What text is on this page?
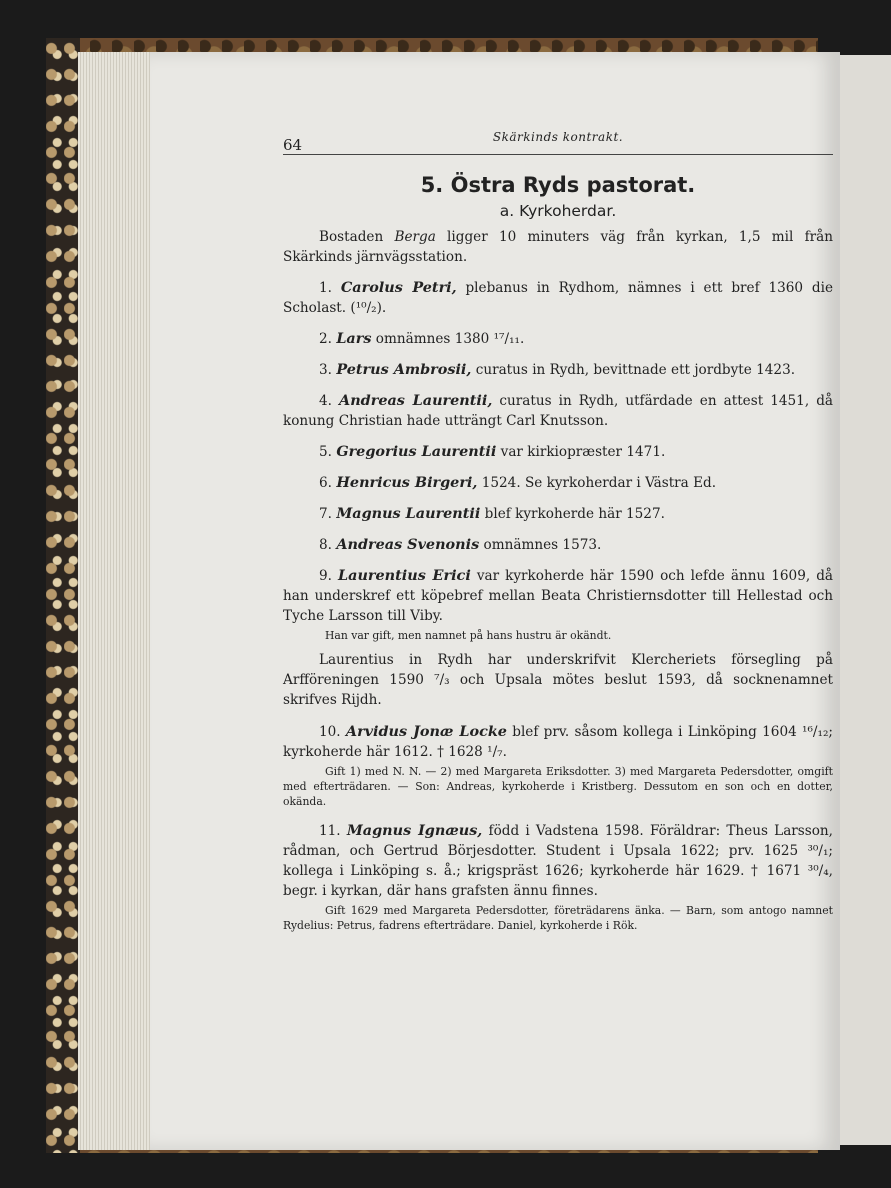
64	Skärkinds kontrakt.
5. Östra Ryds pastorat.
a. Kyrkoherdar.

Bostaden Berga ligger 10 minuters väg från kyrkan, 1,5 mil från Skärkinds järnvägsstation.

1. Carolus Petri, plebanus in Rydhom, nämnes i ett bref 1360 die Scholast. (¹⁰/₂).

2. Lars omnämnes 1380 ¹⁷/₁₁.

3. Petrus Ambrosii, curatus in Rydh, bevittnade ett jordbyte 1423.

4. Andreas Laurentii, curatus in Rydh, utfärdade en attest 1451, då konung Christian hade utträngt Carl Knutsson.

5. Gregorius Laurentii var kirkiopræster 1471.

6. Henricus Birgeri, 1524. Se kyrkoherdar i Västra Ed.

7. Magnus Laurentii blef kyrkoherde här 1527.

8. Andreas Svenonis omnämnes 1573.

9. Laurentius Erici var kyrkoherde här 1590 och lefde ännu 1609, då han underskref ett köpebref mellan Beata Christiernsdotter till Hellestad och Tyche Larsson till Viby.

Han var gift, men namnet på hans hustru är okändt.

Laurentius in Rydh har underskrifvit Klercheriets försegling på Arfföreningen 1590 ⁷/₃ och Upsala mötes beslut 1593, då socknenamnet skrifves Rijdh.

10. Arvidus Jonæ Locke blef prv. såsom kollega i Linköping 1604 ¹⁶/₁₂; kyrkoherde här 1612. † 1628 ¹/₇.

Gift 1) med N. N. — 2) med Margareta Eriksdotter. 3) med Margareta Pedersdotter, omgift med efterträdaren. — Son: Andreas, kyrkoherde i Kristberg. Dessutom en son och en dotter, okända.

11. Magnus Ignæus, född i Vadstena 1598. Föräldrar: Theus Larsson, rådman, och Gertrud Börjesdotter. Student i Upsala 1622; prv. 1625 ³⁰/₁; kollega i Linköping s. å.; krigspräst 1626; kyrkoherde här 1629. † 1671 ³⁰/₄, begr. i kyrkan, där hans grafsten ännu finnes.

Gift 1629 med Margareta Pedersdotter, företrädarens änka. — Barn, som antogo namnet Rydelius: Petrus, fadrens efterträdare. Daniel, kyrkoherde i Rök.
